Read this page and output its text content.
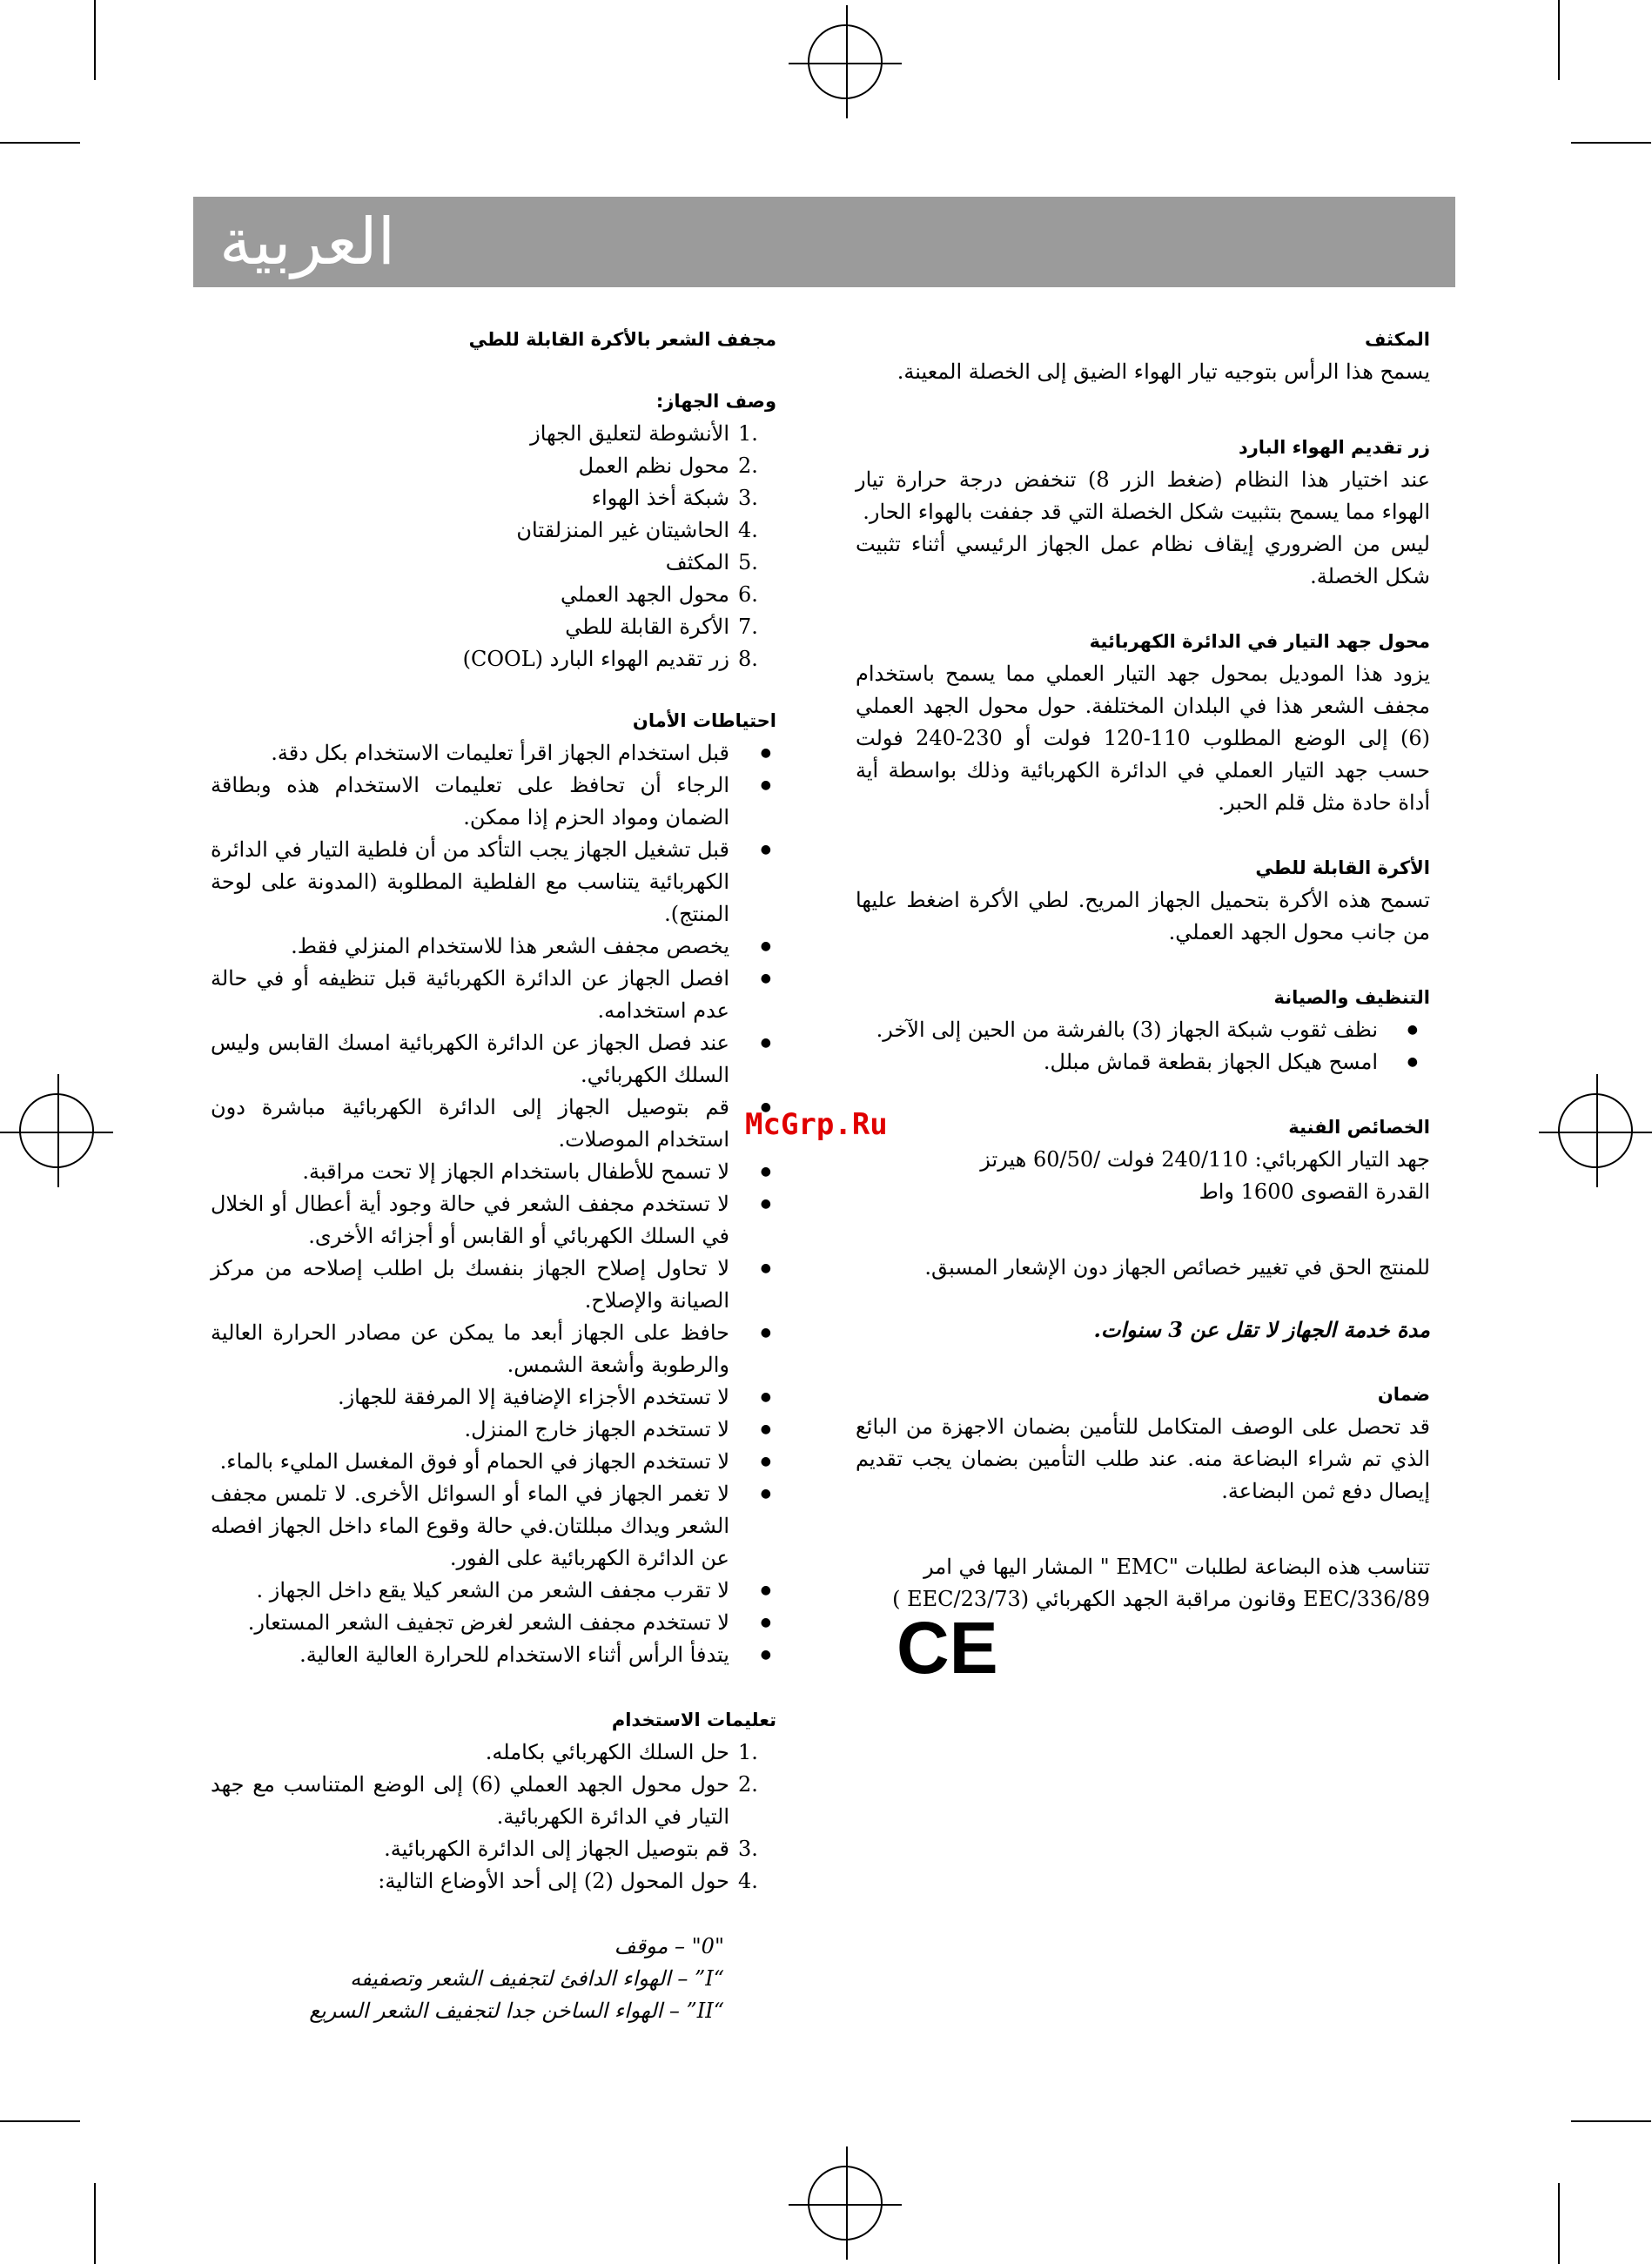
العربية
المكثف

يسمح هذا الرأس بتوجيه تيار الهواء الضيق إلى الخصلة المعينة.

زر تقديم الهواء البارد

عند اختيار هذا النظام (ضغط الزر 8) تنخفض درجة حرارة تيار الهواء مما يسمح بتثبيت شكل الخصلة التي قد جففت بالهواء الحار.

ليس من الضروري إيقاف نظام عمل الجهاز الرئيسي أثناء تثبيت شكل الخصلة.

محول جهد التيار في الدائرة الكهربائية

يزود هذا الموديل بمحول جهد التيار العملي مما يسمح باستخدام مجفف الشعر هذا في البلدان المختلفة. حول محول الجهد العملي (6) إلى الوضع المطلوب 110-120 فولت أو 230-240 فولت حسب جهد التيار العملي في الدائرة الكهربائية وذلك بواسطة أية أداة حادة مثل قلم الحبر.

الأكرة القابلة للطي

تسمح هذه الأكرة بتحميل الجهاز المريح. لطي الأكرة اضغط عليها من جانب محول الجهد العملي.

التنظيف والصيانة
● نظف ثقوب شبكة الجهاز (3) بالفرشة من الحين إلى الآخر.
● امسح هيكل الجهاز بقطعة قماش مبلل.
الخصائص الفنية

جهد التيار الكهربائي: 240/110 فولت /60/50 هيرتز

القدرة القصوى 1600 واط

للمنتج الحق في تغيير خصائص الجهاز دون الإشعار المسبق.

مدة خدمة الجهاز لا تقل عن 3 سنوات.

ضمان

قد تحصل على الوصف المتكامل للتأمين بضمان الاجهزة من البائع الذي تم شراء البضاعة منه. عند طلب التأمين بضمان يجب تقديم إيصال دفع ثمن البضاعة.

تتناسب هذه البضاعة لطلبات "EMC " المشار اليها في امر

EEC/336/89 وقانون مراقبة الجهد الكهربائي (EEC/23/73 )

CE
مجفف الشعر بالأكرة القابلة للطي
وصف الجهاز:
1.
الأنشوطة لتعليق الجهاز
2.
محول نظم العمل
3.
شبكة أخذ الهواء
4.
الحاشيتان غير المنزلقتان
5.
المكثف
6.
محول الجهد العملي
7.
الأكرة القابلة للطي
8.
زر تقديم الهواء البارد (COOL)
احتياطات الأمان
● قبل استخدام الجهاز اقرأ تعليمات الاستخدام بكل دقة.
● الرجاء أن تحافظ على تعليمات الاستخدام هذه وبطاقة الضمان ومواد الحزم إذا ممكن.
● قبل تشغيل الجهاز يجب التأكد من أن فلطية التيار في الدائرة الكهربائية يتناسب مع الفلطية المطلوبة (المدونة على لوحة المنتج).
● يخصص مجفف الشعر هذا للاستخدام المنزلي فقط.
● افصل الجهاز عن الدائرة الكهربائية قبل تنظيفه أو في حالة عدم استخدامه.
● عند فصل الجهاز عن الدائرة الكهربائية امسك القابس وليس السلك الكهربائي.
● قم بتوصيل الجهاز إلى الدائرة الكهربائية مباشرة دون استخدام الموصلات.
● لا تسمح للأطفال باستخدام الجهاز إلا تحت مراقبة.
● لا تستخدم مجفف الشعر في حالة وجود أية أعطال أو الخلال في السلك الكهربائي أو القابس أو أجزائه الأخرى.
● لا تحاول إصلاح الجهاز بنفسك بل اطلب إصلاحه من مركز الصيانة والإصلاح.
● حافظ على الجهاز أبعد ما يمكن عن مصادر الحرارة العالية والرطوبة وأشعة الشمس.
● لا تستخدم الأجزاء الإضافية إلا المرفقة للجهاز.
● لا تستخدم الجهاز خارج المنزل.
● لا تستخدم الجهاز في الحمام أو فوق المغسل المليء بالماء.
● لا تغمر الجهاز في الماء أو السوائل الأخرى. لا تلمس مجفف الشعر ويداك مبللتان.في حالة وقوع الماء داخل الجهاز افصله عن الدائرة الكهربائية على الفور.
● لا تقرب مجفف الشعر من الشعر كيلا يقع داخل الجهاز .
● لا تستخدم مجفف الشعر لغرض تجفيف الشعر المستعار.
● يتدفأ الرأس أثناء الاستخدام للحرارة العالية العالية.
تعليمات الاستخدام
1.
حل السلك الكهربائي بكامله.
2.
حول محول الجهد العملي (6) إلى الوضع المتناسب مع جهد التيار في الدائرة الكهربائية.
3.
قم بتوصيل الجهاز إلى الدائرة الكهربائية.
4.
حول المحول (2) إلى أحد الأوضاع التالية:

"0" – موقف

“I” – الهواء الدافئ لتجفيف الشعر وتصفيفه

“II” – الهواء الساخن جدا لتجفيف الشعر السريع

McGrp.Ru
